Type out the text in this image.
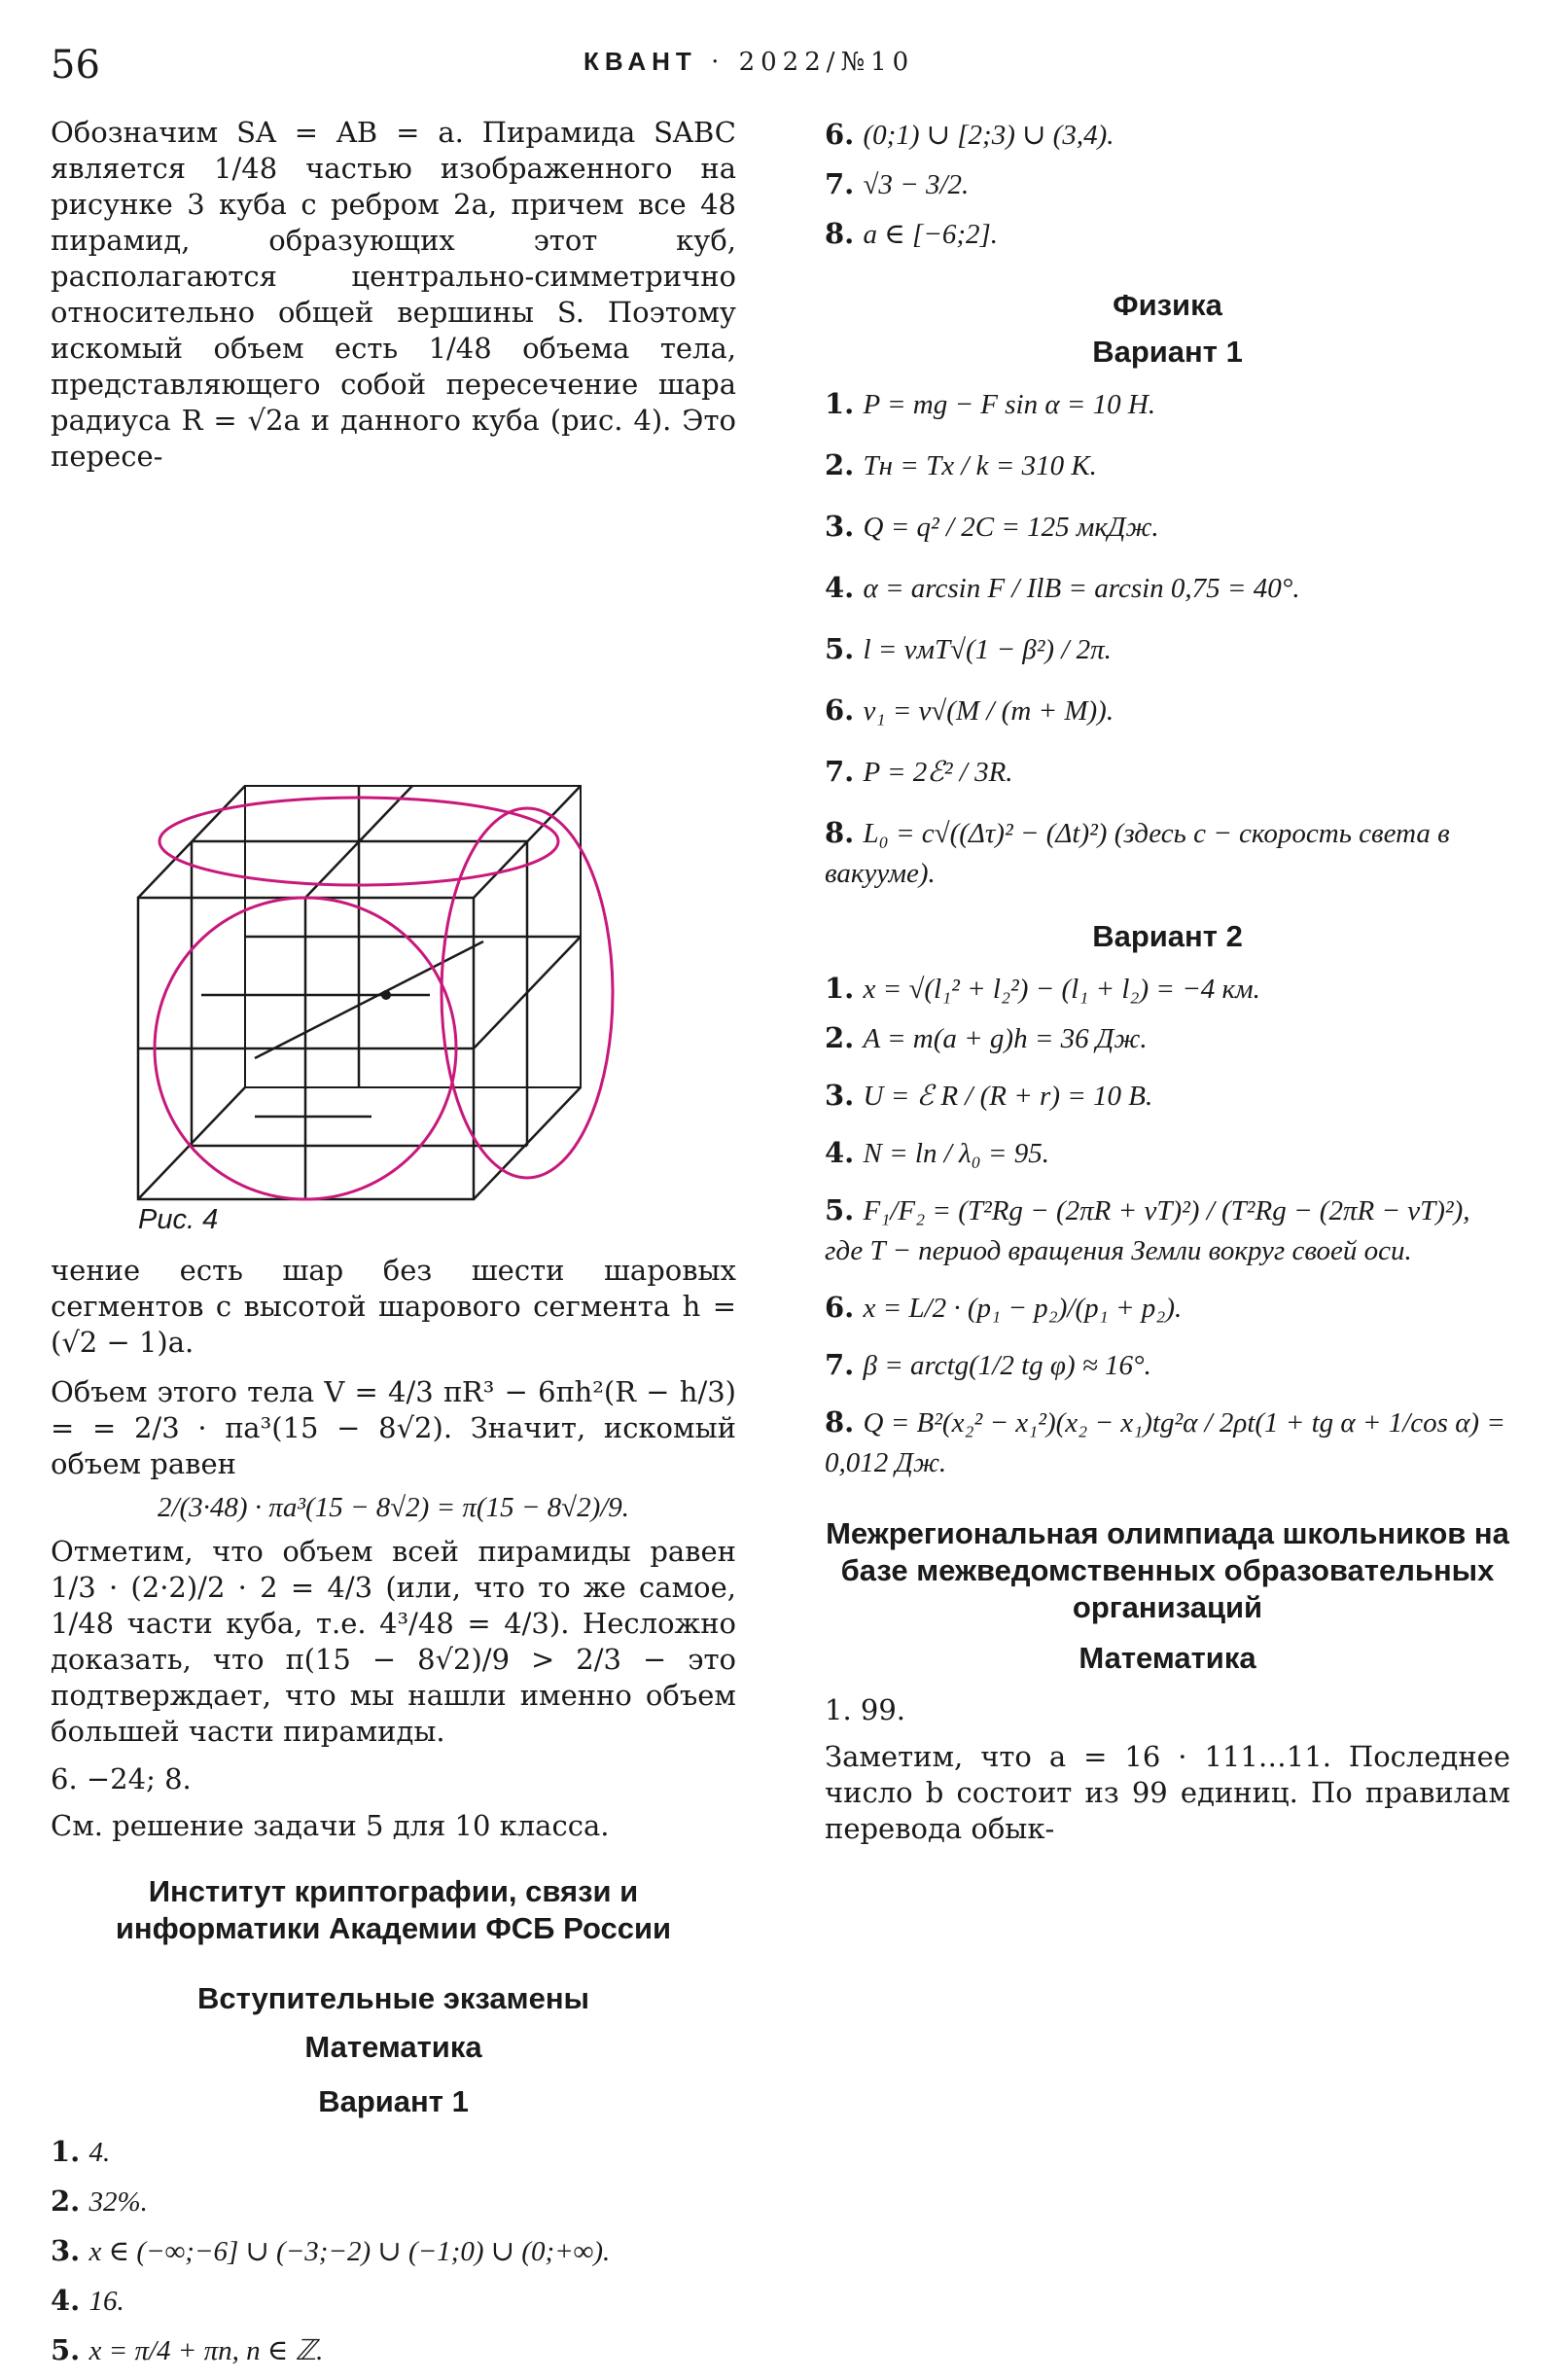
56	КВАНТ · 2022/№10

Обозначим SA = AB = a. Пирамида SABC является 1/48 частью изображенного на рисунке 3 куба с ребром 2a, причем все 48 пирамид, образующих этот куб, располагаются центрально-симметрично относительно общей вершины S. Поэтому искомый объем есть 1/48 объема тела, представляющего собой пересечение шара радиуса R = √2a и данного куба (рис. 4). Это пересе-

Рис. 4

чение есть шар без шести шаровых сегментов с высотой шарового сегмента h = (√2 − 1)a.

Объем этого тела V = 4/3 πR³ − 6πh²(R − h/3) = = 2/3 · πa³(15 − 8√2). Значит, искомый объем равен

2/(3·48) · πa³(15 − 8√2) = π(15 − 8√2)/9.

Отметим, что объем всей пирамиды равен 1/3 · (2·2)/2 · 2 = 4/3 (или, что то же самое, 1/48 части куба, т.е. 4³/48 = 4/3). Несложно доказать, что π(15 − 8√2)/9 > 2/3 − это подтверждает, что мы нашли именно объем большей части пирамиды.

6. −24; 8.

См. решение задачи 5 для 10 класса.

Институт криптографии, связи и информатики Академии ФСБ России
Вступительные экзамены
Математика
Вариант 1
1. 4.
2. 32%.
3. x ∈ (−∞;−6] ∪ (−3;−2) ∪ (−1;0) ∪ (0;+∞).
4. 16.
5. x = π/4 + πn, n ∈ ℤ.
6. (0;1) ∪ [2;3) ∪ (3,4).
7. √3 − 3/2.
8. a ∈ [−6;2].
Физика
Вариант 1
1. P = mg − F sin α = 10 Н.
2. Tн = Tх / k = 310 К.
3. Q = q² / 2C = 125 мкДж.
4. α = arcsin F / IlB = arcsin 0,75 = 40°.
5. l = vмT√(1 − β²) / 2π.
6. v₁ = v√(M / (m + M)).
7. P = 2ℰ² / 3R.
8. L₀ = c√((Δτ)² − (Δt)²) (здесь c − скорость света в вакууме).
Вариант 2
1. x = √(l₁² + l₂²) − (l₁ + l₂) = −4 км.
2. A = m(a + g)h = 36 Дж.
3. U = ℰ R / (R + r) = 10 В.
4. N = ln / λ₀ = 95.
5. F₁/F₂ = (T²Rg − (2πR + vT)²) / (T²Rg − (2πR − vT)²), где T − период вращения Земли вокруг своей оси.
6. x = L/2 · (p₁ − p₂)/(p₁ + p₂).
7. β = arctg(1/2 tg φ) ≈ 16°.
8. Q = B²(x₂² − x₁²)(x₂ − x₁)tg²α / 2ρt(1 + tg α + 1/cos α) = 0,012 Дж.
Межрегиональная олимпиада школьников на базе межведомственных образовательных организаций
Математика
1. 99.

Заметим, что a = 16 · 111…11. Последнее число b состоит из 99 единиц. По правилам перевода обык-
